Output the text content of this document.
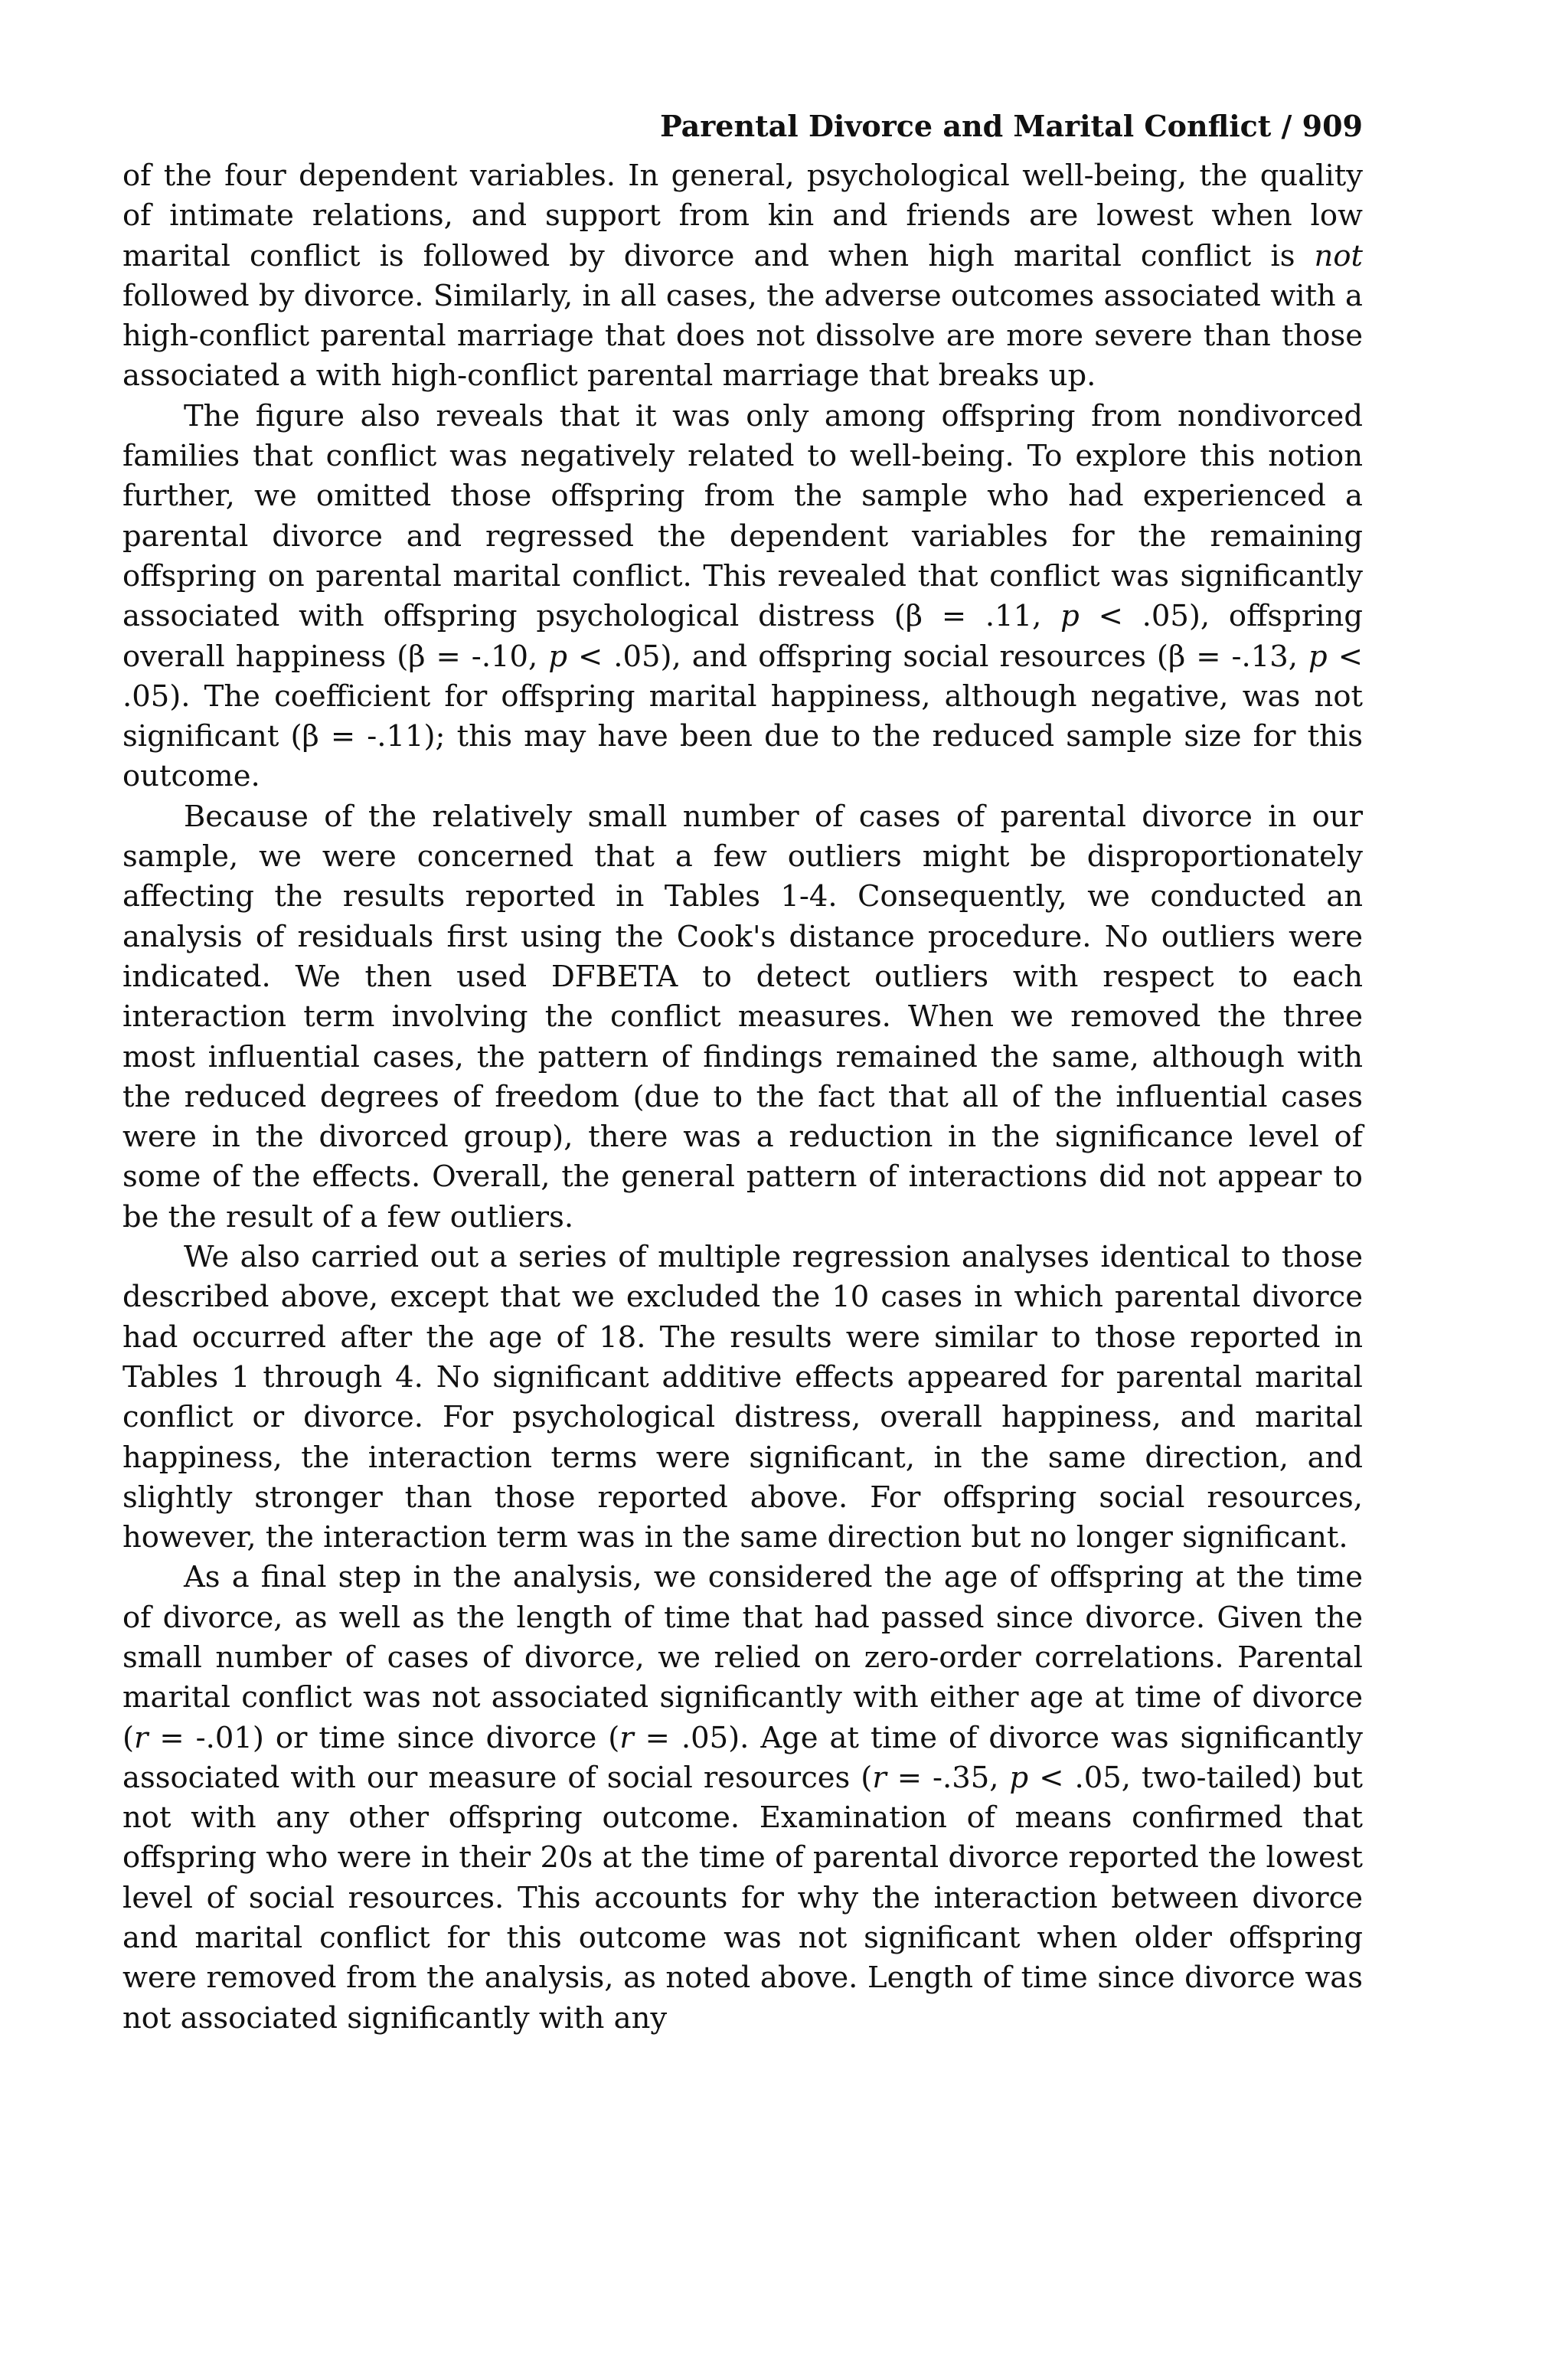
Parental Divorce and Marital Conflict / 909

of the four dependent variables. In general, psychological well-being, the quality of intimate relations, and support from kin and friends are lowest when low marital conflict is followed by divorce and when high marital conflict is not followed by divorce. Similarly, in all cases, the adverse outcomes associated with a high-conflict parental marriage that does not dissolve are more severe than those associated a with high-conflict parental marriage that breaks up.

The figure also reveals that it was only among offspring from nondivorced families that conflict was negatively related to well-being. To explore this notion further, we omitted those offspring from the sample who had experienced a parental divorce and regressed the dependent variables for the remaining offspring on parental marital conflict. This revealed that conflict was significantly associated with offspring psychological distress (β = .11, p < .05), offspring overall happiness (β = -.10, p < .05), and offspring social resources (β = -.13, p < .05). The coefficient for offspring marital happiness, although negative, was not significant (β = -.11); this may have been due to the reduced sample size for this outcome.

Because of the relatively small number of cases of parental divorce in our sample, we were concerned that a few outliers might be disproportionately affecting the results reported in Tables 1-4. Consequently, we conducted an analysis of residuals first using the Cook's distance procedure. No outliers were indicated. We then used DFBETA to detect outliers with respect to each interaction term involving the conflict measures. When we removed the three most influential cases, the pattern of findings remained the same, although with the reduced degrees of freedom (due to the fact that all of the influential cases were in the divorced group), there was a reduction in the significance level of some of the effects. Overall, the general pattern of interactions did not appear to be the result of a few outliers.

We also carried out a series of multiple regression analyses identical to those described above, except that we excluded the 10 cases in which parental divorce had occurred after the age of 18. The results were similar to those reported in Tables 1 through 4. No significant additive effects appeared for parental marital conflict or divorce. For psychological distress, overall happiness, and marital happiness, the interaction terms were significant, in the same direction, and slightly stronger than those reported above. For offspring social resources, however, the interaction term was in the same direction but no longer significant.

As a final step in the analysis, we considered the age of offspring at the time of divorce, as well as the length of time that had passed since divorce. Given the small number of cases of divorce, we relied on zero-order correlations. Parental marital conflict was not associated significantly with either age at time of divorce (r = -.01) or time since divorce (r = .05). Age at time of divorce was significantly associated with our measure of social resources (r = -.35, p < .05, two-tailed) but not with any other offspring outcome. Examination of means confirmed that offspring who were in their 20s at the time of parental divorce reported the lowest level of social resources. This accounts for why the interaction between divorce and marital conflict for this outcome was not significant when older offspring were removed from the analysis, as noted above. Length of time since divorce was not associated significantly with any
